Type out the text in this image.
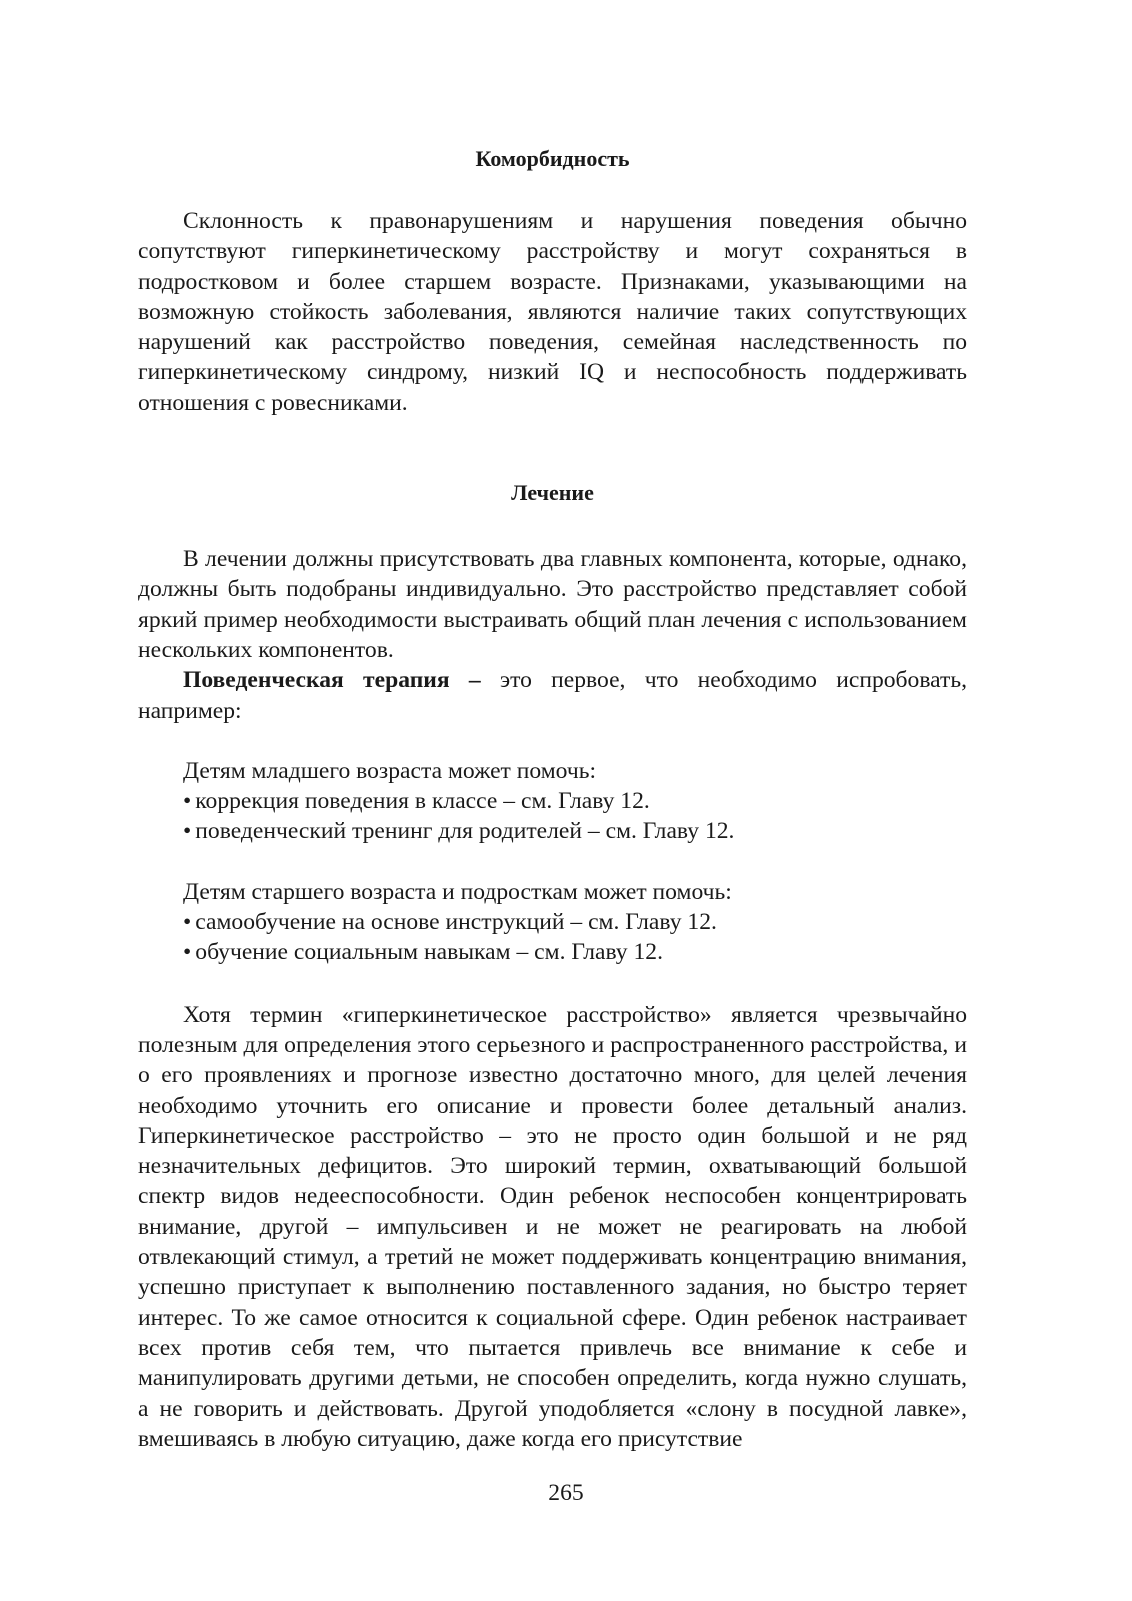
Коморбидность

Склонность к правонарушениям и нарушения поведения обычно сопутствуют гиперкинетическому расстройству и могут сохраняться в подростковом и более старшем возрасте. Признаками, указывающими на возможную стойкость заболевания, являются наличие таких сопутствующих нарушений как расстройство поведения, семейная наследственность по гиперкинетическому синдрому, низкий IQ и неспособность поддерживать отношения с ровесниками.

Лечение

В лечении должны присутствовать два главных компонента, которые, однако, должны быть подобраны индивидуально. Это расстройство представляет собой яркий пример необходимости выстраивать общий план лечения с использованием нескольких компонентов.

Поведенческая терапия – это первое, что необходимо испробовать, например:

Детям младшего возраста может помочь:
• коррекция поведения в классе – см. Главу 12.
• поведенческий тренинг для родителей – см. Главу 12.
Детям старшего возраста и подросткам может помочь:
• самообучение на основе инструкций – см. Главу 12.
• обучение социальным навыкам – см. Главу 12.

Хотя термин «гиперкинетическое расстройство» является чрезвычайно полезным для определения этого серьезного и распространенного расстройства, и о его проявлениях и прогнозе известно достаточно много, для целей лечения необходимо уточнить его описание и провести более детальный анализ. Гиперкинетическое расстройство – это не просто один большой и не ряд незначительных дефицитов. Это широкий термин, охватывающий большой спектр видов недееспособности. Один ребенок неспособен концентрировать внимание, другой – импульсивен и не может не реагировать на любой отвлекающий стимул, а третий не может поддерживать концентрацию внимания, успешно приступает к выполнению поставленного задания, но быстро теряет интерес. То же самое относится к социальной сфере. Один ребенок настраивает всех против себя тем, что пытается привлечь все внимание к себе и манипулировать другими детьми, не способен определить, когда нужно слушать, а не говорить и действовать. Другой уподобляется «слону в посудной лавке», вмешиваясь в любую ситуацию, даже когда его присутствие

265
